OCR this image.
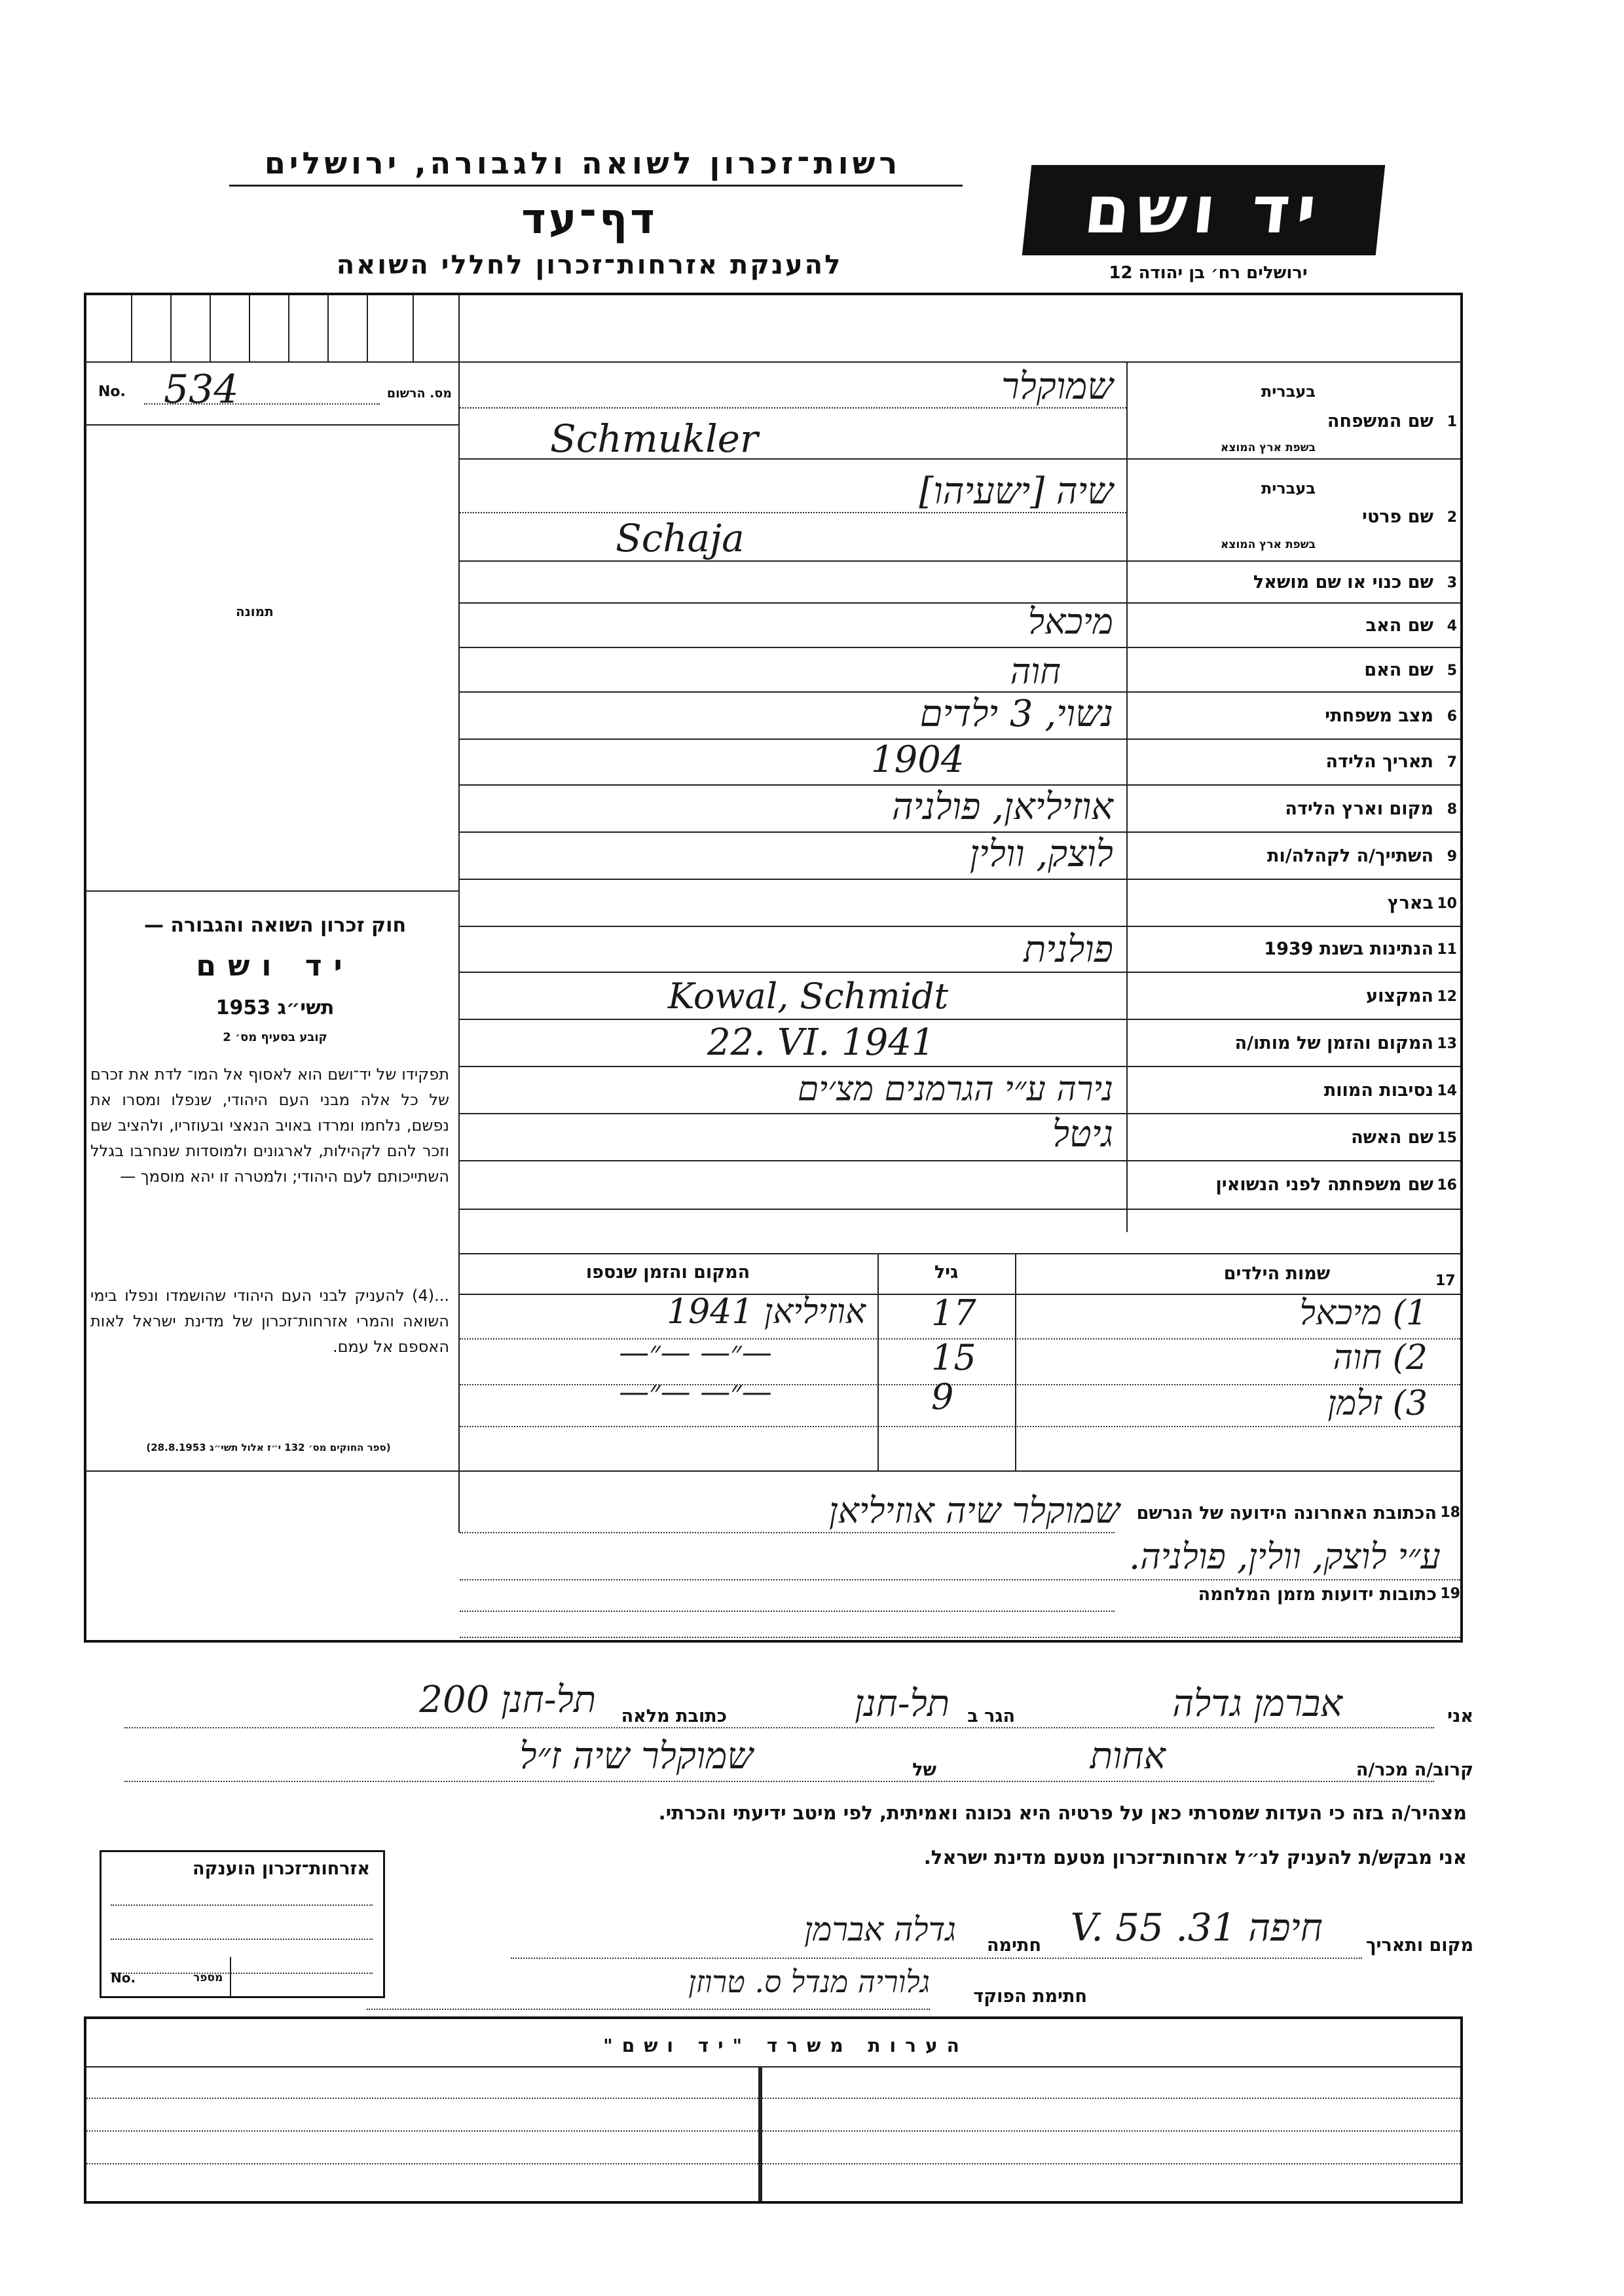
רשות־זכרון לשואה ולגבורה, ירושלים
דף־עד
להענקת אזרחות־זכרון לחללי השואה
יד ושם
ירושלים רח׳ בן יהודה 12
No. 534	מס. הרשום
תמונה
חוק זכרון השואה והגבורה —
יד ושם
תשי״ג 1953
קובע בסעיף מס׳ 2

תפקידו של יד־ושם הוא לאסוף אל המו־ לדת את זכרם של כל אלה מבני העם היהודי, שנפלו ומסרו את נפשם, נלחמו ומרדו באויב הנאצי ובעוזריו, ולהציב שם וזכר להם לקהילות, לארגונים ולמוסדות שנחרבו בגלל השתייכותם לעם היהודי; ולמטרה זו יהא מוסמך —

...(4) להעניק לבני העם היהודי שהושמדו ונפלו בימי השואה והמרי אזרחות־זכרון של מדינת ישראל לאות האספם אל עמם.

(ספר החוקים מס׳ 132 י״ז אלול תשי״ג 28.8.1953)
1
שם המשפחה
בעברית
בשפת ארץ המוצא
שמוקלר
Schmukler
2
שם פרטי
בעברית
בשפת ארץ המוצא
שיה [ישעיהו]
Schaja
3
שם כנוי או שם מושאל
4
שם האב
מיכאל
5
שם האם
חוה
6
מצב משפחתי
נשוי, 3 ילדים
7
תאריך הלידה
1904
8
מקום וארץ הלידה
אוזיליאן, פולניה
9
השתייך/ה לקהלה/ות
לוצק, וולין
10
בארץ
11
הנתינות בשנת 1939
פולנית
12
המקצוע
Kowal, Schmidt
13
המקום והזמן של מותו/ה
22. VI. 1941
14
נסיבות המוות
נירה ע״י הגרמנים מצ׳ים
15
שם האשה
גיטל
16
שם משפחתה לפני הנשואין
17
שמות הילדים
גיל
המקום והזמן שנספו
1) מיכאל
17
אוזיליאן 1941
2) חוה
15
—״— —״—
3) זלמן
9
—״— —״—
18
הכתובת האחרונה הידועה של הנרשם
שמוקלר שיה אוזיליאן
ע״י לוצק, וולין, פולניה.
19
כתובות ידועות מזמן המלחמה
אני
אברמן גדלה
הגר ב
תל-חנן
כתובת מלאה
תל-חנן 200
קרוב/ה מכר/ה
אחות
של
שמוקלר שיה ז״ל
מצהיר/ה בזה כי העדות שמסרתי כאן על פרטיה היא נכונה ואמיתית, לפי מיטב ידיעתי והכרתי.
אני מבקש/ת להעניק לנ״ל אזרחות־זכרון מטעם מדינת ישראל.
אזרחות־זכרון הוענקה
No.	מספר
מקום ותאריך
חיפה 31. V. 55
חתימה
גדלה אברמן
חתימת הפוקד
גלוריה מנדל ס. טרוזן
הערות משרד "יד ושם"
